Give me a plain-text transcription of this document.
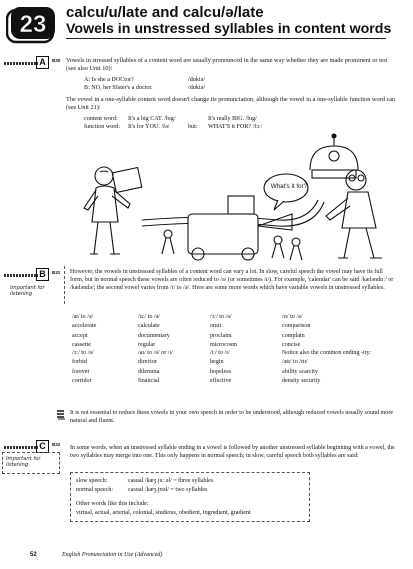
23 calcu/u/late and calcu/ə/late
Vowels in unstressed syllables in content words
A	B30 Vowels in stressed syllables of a content word are usually pronounced in the same way whether they are made prominent or not (see also Unit 10):
A: Is she a DOCtor?	/dɒktə/
B: NO, her SIster's a doctor.	/dɒktə/
The vowel in a one-syllable content word doesn't change its pronunciation, although the vowel in a one-syllable function word can (see Unit 21):
content word: It's a big CAT. /bɪg/	It's really BIG. /bɪg/
function word: It's for YOU. /fə/	but: WHAT'S it FOR? /fɔː/
What's it for?
B	B31
Important for listening
However, the vowels in unstressed syllables of a content word can vary a lot. In slow, careful speech the vowel may have its full form, but in normal speech these vowels are often reduced to /ə/ (or sometimes /ɪ/). For example, 'calendar' can be said /kæləndɑː/ or /kæləndə/; the second vowel varies from /ɪ/ to /ə/. Here are some more words which have variable vowels in unstressed syllables.
/æ/ to /ə/	/uː/ to /ə/	/ɔː/ to /ə/	/ɒ/ to /ə/
accelerate	calculate	omit	comparison
accept	documentary	proclaim	complain
cassette	regular	microcosm	concise
/ɔː/ to /ə/	/aɪ/ to /ə/ or /ɪ/	/iː/ to /ɪ/	Notice also the common ending -ity:
forbid	director	begin	/ətɪ/ to /ɪtɪ/
forever	dilemma	hopeless	ability scarcity
corridor	financial	effective	density security
It is not essential to reduce these vowels in your own speech in order to be understood, although reduced vowels usually sound more natural and fluent.
C	B32
Important for listening
In some words, when an unstressed syllable ending in a vowel is followed by another unstressed syllable beginning with a vowel, the two syllables may merge into one. This only happens in normal speech; in slow, careful speech both syllables are said:
slow speech:	casual /kæʒ.juː.əl/ = three syllables
normal speech: casual /kæʒ.jʊəl/ = two syllables
Other words like this include:
virtual, actual, arterial, colonial, studious, obedient, ingredient, gradient
52	English Pronunciation in Use (Advanced)
